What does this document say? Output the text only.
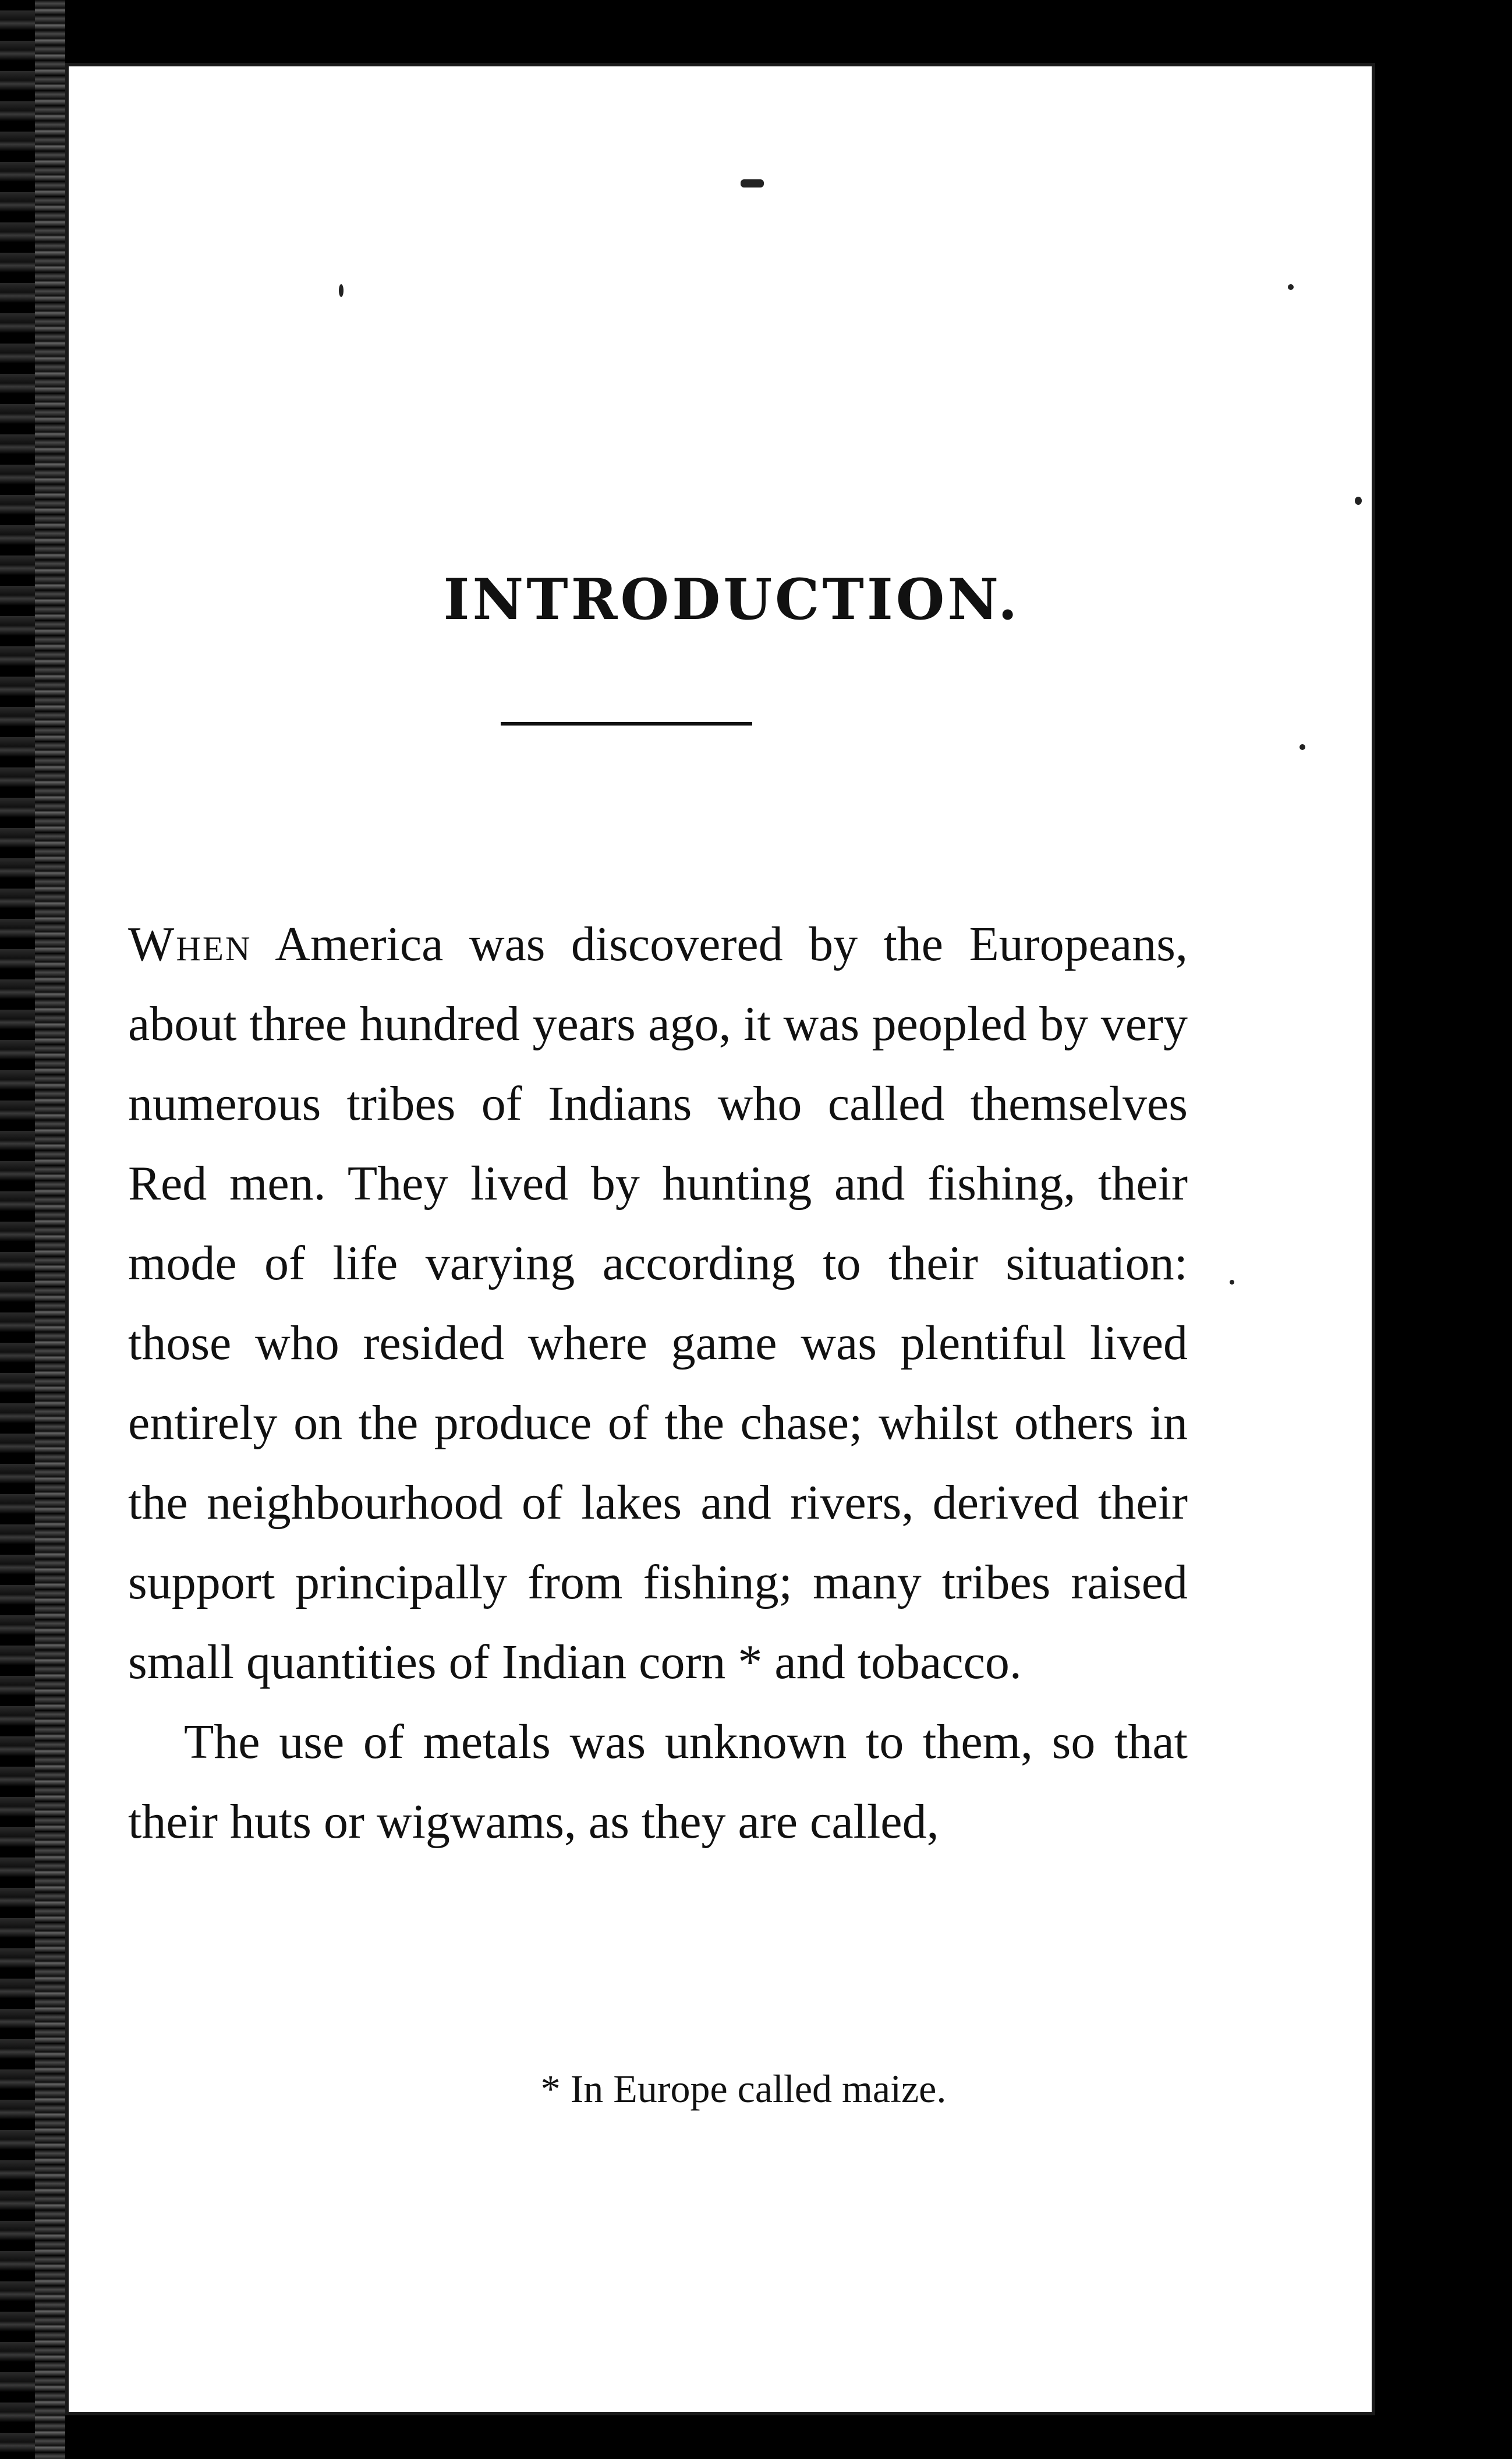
INTRODUCTION.

When America was discovered by the Europeans, about three hundred years ago, it was peopled by very numerous tribes of Indians who called themselves Red men. They lived by hunting and fishing, their mode of life varying according to their situation: those who resided where game was plentiful lived entirely on the produce of the chase; whilst others in the neighbourhood of lakes and rivers, derived their support principally from fishing; many tribes raised small quantities of Indian corn * and tobacco.

The use of metals was unknown to them, so that their huts or wigwams, as they are called,

* In Europe called maize.
